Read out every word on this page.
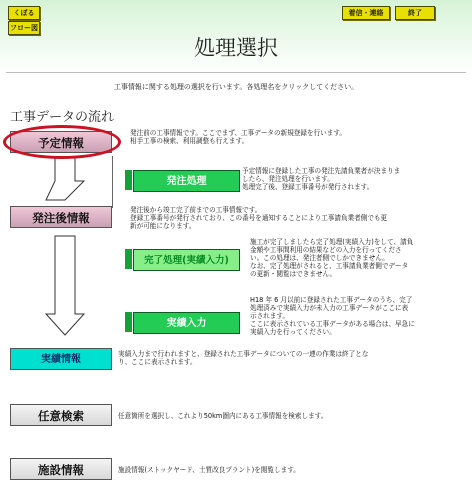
くぼる
フロー図
着信・連絡	終了
処理選択
工事情報に関する処理の選択を行います。各処理名をクリックしてください。
工事データの流れ
予定情報
発注前の工事情報です。ここでまず、工事データの新規登録を行います。
相手工事の検索、利用調整も行えます。
発注処理
予定情報に登録した工事の発注先請負業者が決まりま
したら、発注処理を行います。
処理完了後、登録工事番号が発行されます。
発注後情報
発注後から竣工完了前までの工事情報です。
登録工事番号が発行されており、この番号を通知することにより工事請負業者側でも更
新が可能になります。
完了処理(実績入力)
施工が完了しましたら完了処理(実績入力)をして、請負
金額や工事間利用の結果などの入力を行ってくださ
い。この処理は、発注者側でしかできません。
なお、完了処理がされると、工事請負業者側でデータ
の更新・閲覧はできません。
実績入力
H18 年 6 月以前に登録された工事データのうち、完了
処理済みで実績入力が未入力の工事データがここに表
示されます。
ここに表示されている工事データがある場合は、早急に
実績入力を行ってください。
実績情報	実績入力まで行われますと、登録された工事データについての一連の作業は終了とな
り、ここに表示されます。
任意検索	任意箇所を選択し、これより50km圏内にある工事情報を検索します。
施設情報	施設情報(ストックヤード、土質改良プラント)を閲覧します。
